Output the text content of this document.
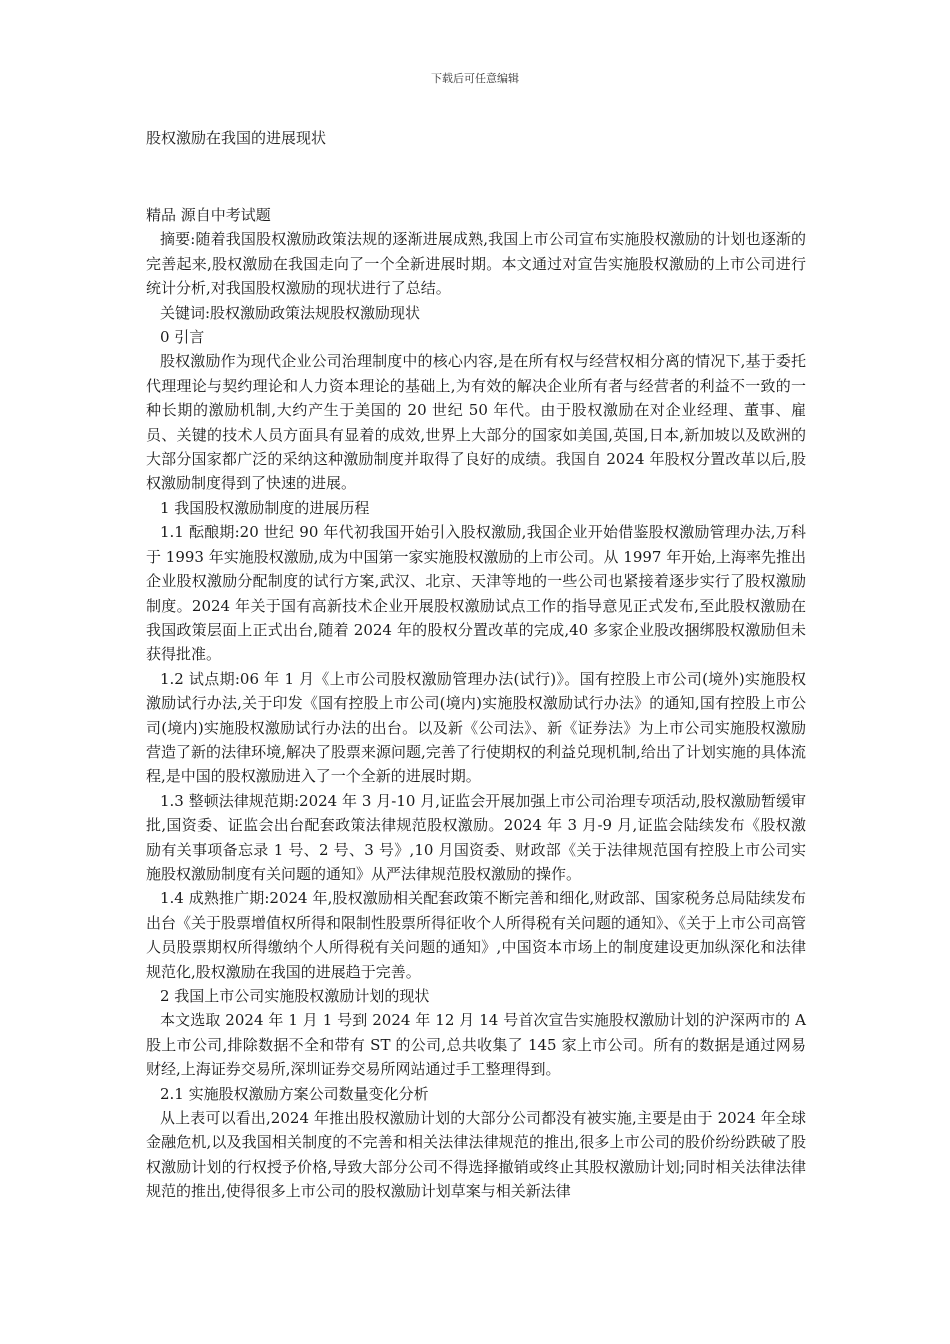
下载后可任意编辑
股权激励在我国的进展现状

精品 源自中考试题

摘要:随着我国股权激励政策法规的逐渐进展成熟,我国上市公司宣布实施股权激励的计划也逐渐的完善起来,股权激励在我国走向了一个全新进展时期。本文通过对宣告实施股权激励的上市公司进行统计分析,对我国股权激励的现状进行了总结。

关键词:股权激励政策法规股权激励现状

0 引言

股权激励作为现代企业公司治理制度中的核心内容,是在所有权与经营权相分离的情况下,基于委托代理理论与契约理论和人力资本理论的基础上,为有效的解决企业所有者与经营者的利益不一致的一种长期的激励机制,大约产生于美国的 20 世纪 50 年代。由于股权激励在对企业经理、董事、雇员、关键的技术人员方面具有显着的成效,世界上大部分的国家如美国,英国,日本,新加坡以及欧洲的大部分国家都广泛的采纳这种激励制度并取得了良好的成绩。我国自 2024 年股权分置改革以后,股权激励制度得到了快速的进展。

1 我国股权激励制度的进展历程

1.1 酝酿期:20 世纪 90 年代初我国开始引入股权激励,我国企业开始借鉴股权激励管理办法,万科于 1993 年实施股权激励,成为中国第一家实施股权激励的上市公司。从 1997 年开始,上海率先推出企业股权激励分配制度的试行方案,武汉、北京、天津等地的一些公司也紧接着逐步实行了股权激励制度。2024 年关于国有高新技术企业开展股权激励试点工作的指导意见正式发布,至此股权激励在我国政策层面上正式出台,随着 2024 年的股权分置改革的完成,40 多家企业股改捆绑股权激励但未获得批准。

1.2 试点期:06 年 1 月《上市公司股权激励管理办法(试行)》。国有控股上市公司(境外)实施股权激励试行办法,关于印发《国有控股上市公司(境内)实施股权激励试行办法》的通知,国有控股上市公司(境内)实施股权激励试行办法的出台。以及新《公司法》、新《证券法》为上市公司实施股权激励营造了新的法律环境,解决了股票来源问题,完善了行使期权的利益兑现机制,给出了计划实施的具体流程,是中国的股权激励进入了一个全新的进展时期。

1.3 整顿法律规范期:2024 年 3 月-10 月,证监会开展加强上市公司治理专项活动,股权激励暂缓审批,国资委、证监会出台配套政策法律规范股权激励。2024 年 3 月-9 月,证监会陆续发布《股权激励有关事项备忘录 1 号、2 号、3 号》,10 月国资委、财政部《关于法律规范国有控股上市公司实施股权激励制度有关问题的通知》从严法律规范股权激励的操作。

1.4 成熟推广期:2024 年,股权激励相关配套政策不断完善和细化,财政部、国家税务总局陆续发布出台《关于股票增值权所得和限制性股票所得征收个人所得税有关问题的通知》、《关于上市公司高管人员股票期权所得缴纳个人所得税有关问题的通知》,中国资本市场上的制度建设更加纵深化和法律规范化,股权激励在我国的进展趋于完善。

2 我国上市公司实施股权激励计划的现状

本文选取 2024 年 1 月 1 号到 2024 年 12 月 14 号首次宣告实施股权激励计划的沪深两市的 A 股上市公司,排除数据不全和带有 ST 的公司,总共收集了 145 家上市公司。所有的数据是通过网易财经,上海证券交易所,深圳证券交易所网站通过手工整理得到。

2.1 实施股权激励方案公司数量变化分析

从上表可以看出,2024 年推出股权激励计划的大部分公司都没有被实施,主要是由于 2024 年全球金融危机,以及我国相关制度的不完善和相关法律法律规范的推出,很多上市公司的股价纷纷跌破了股权激励计划的行权授予价格,导致大部分公司不得选择撤销或终止其股权激励计划;同时相关法律法律规范的推出,使得很多上市公司的股权激励计划草案与相关新法律
